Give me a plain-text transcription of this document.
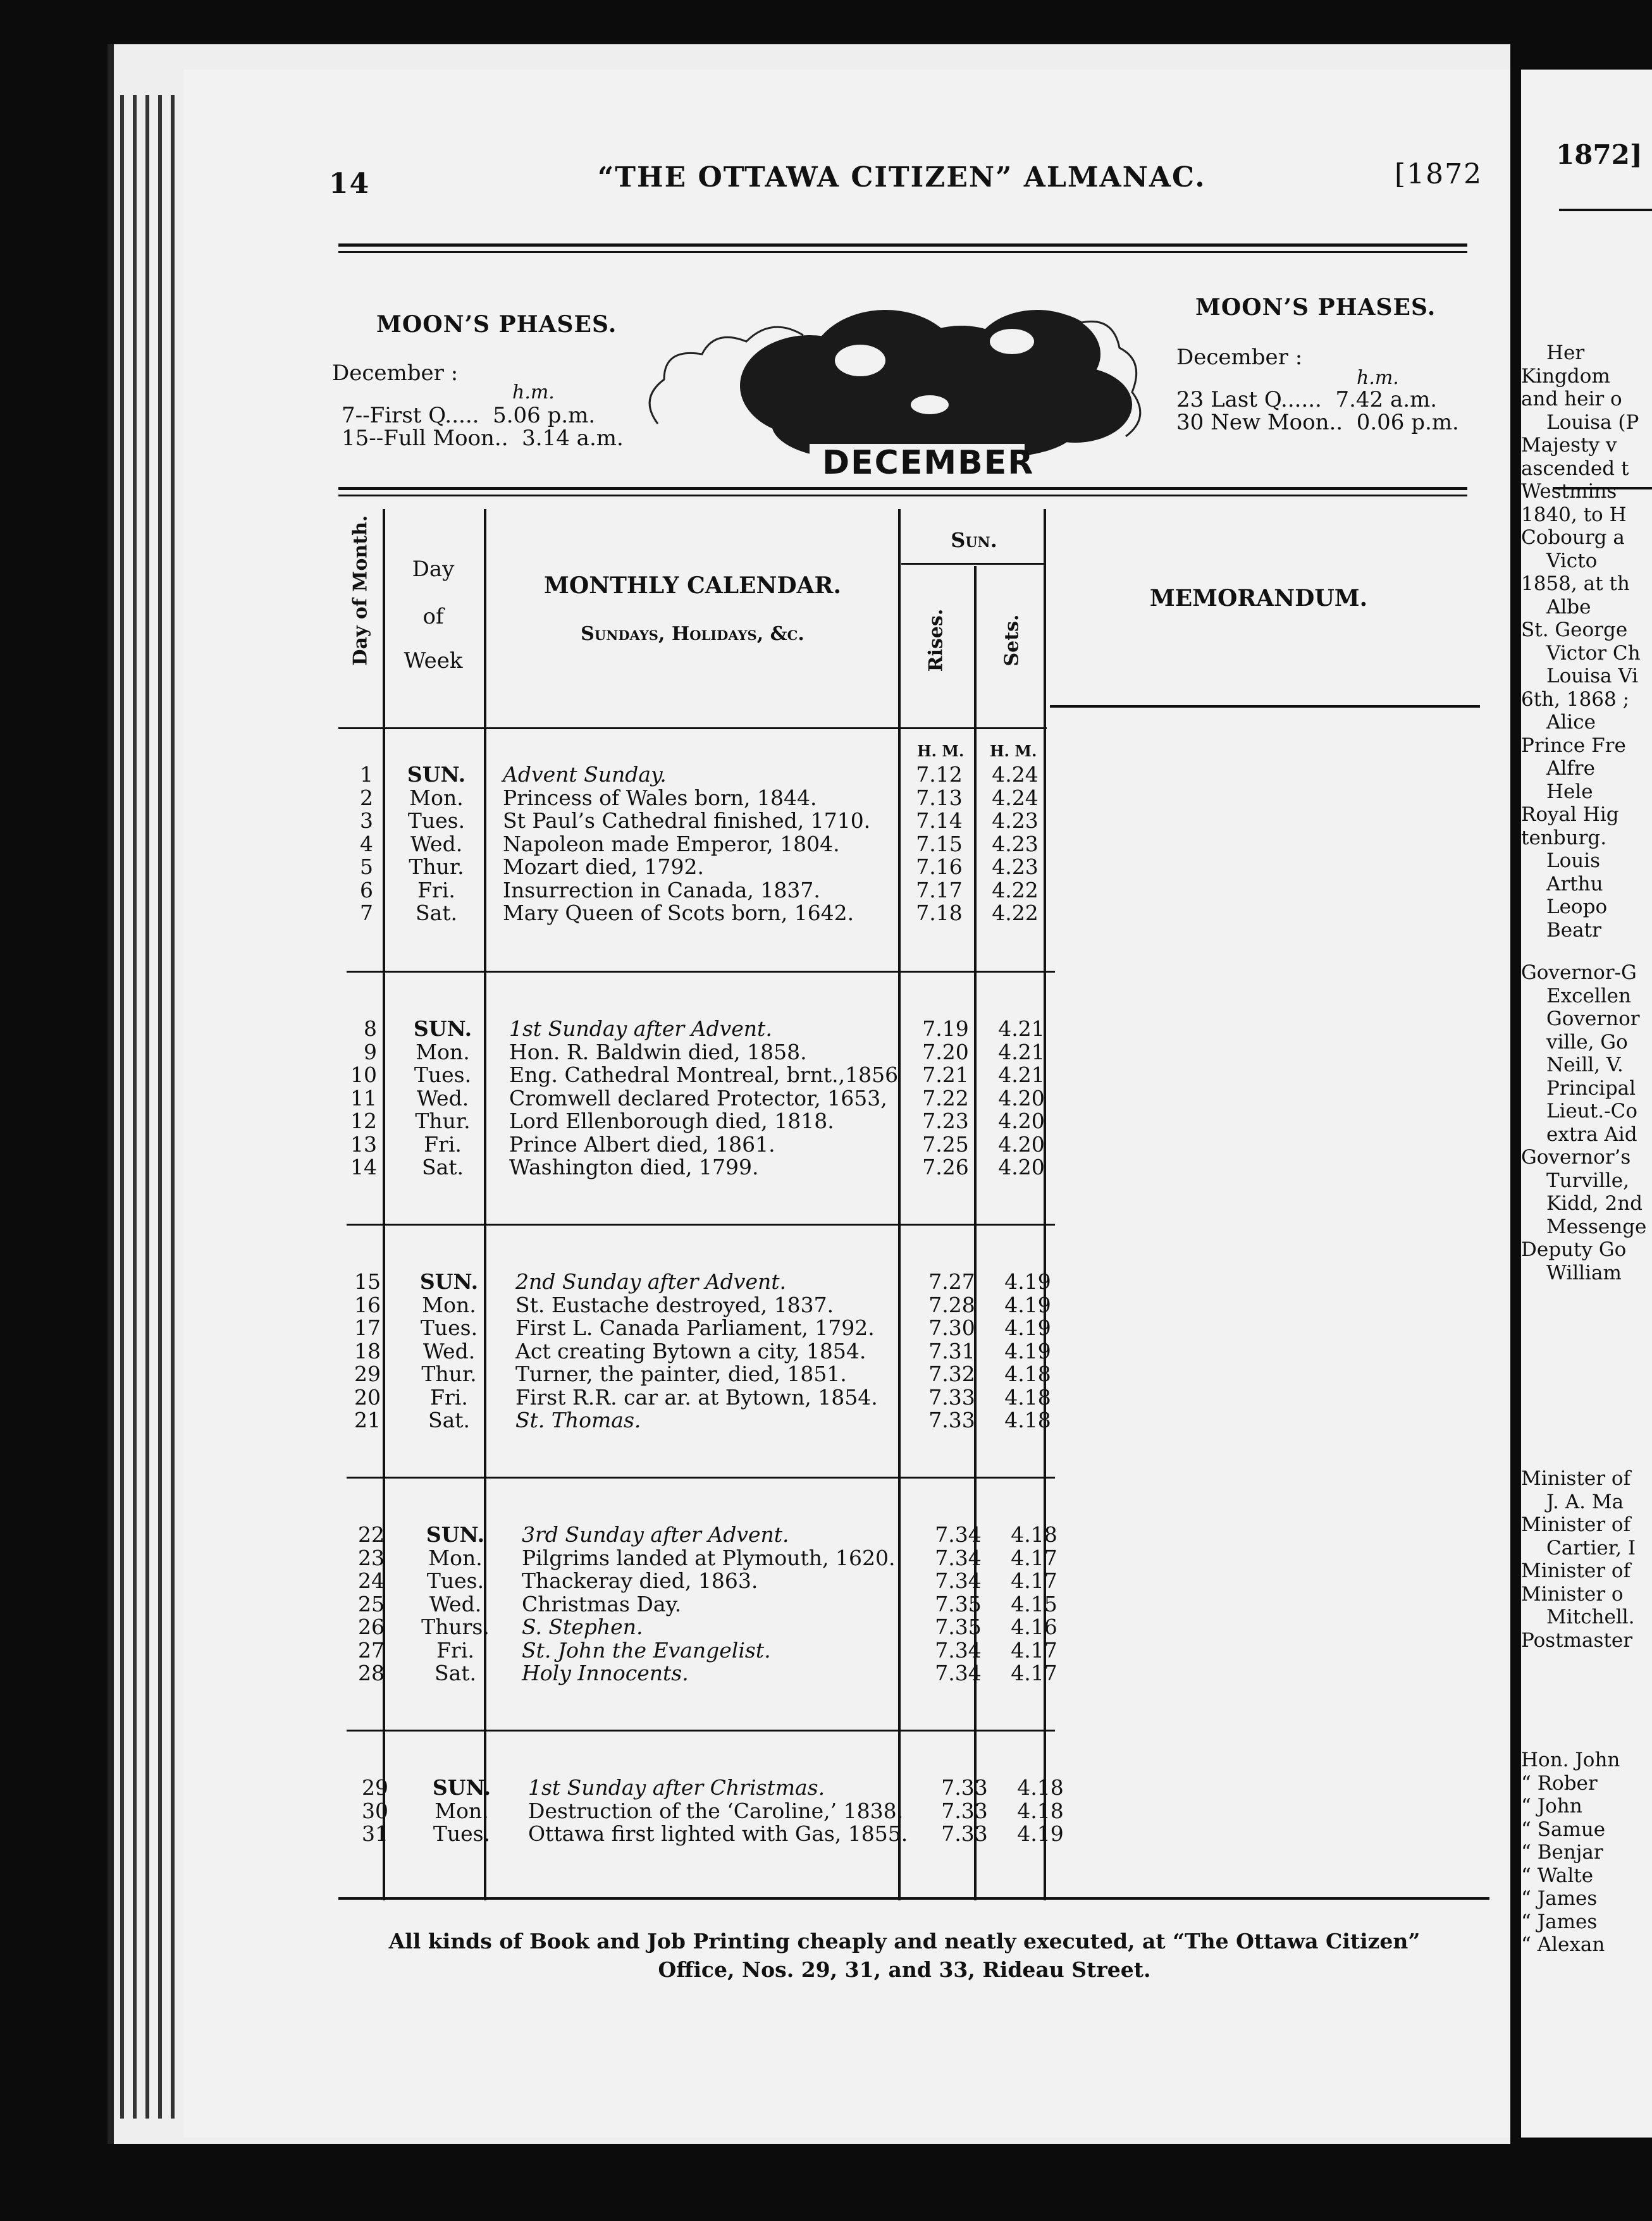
14	“THE OTTAWA CITIZEN” ALMANAC.	[1872
MOON’S PHASES.
December :
h.m.
7--First Q.....  5.06 p.m.
15--Full Moon..  3.14 a.m.
DECEMBER
MOON’S PHASES.
December :
h.m.
23 Last Q......  7.42 a.m.
30 New Moon..  0.06 p.m.
Day of Month.	Day
of
Week
MONTHLY CALENDAR.
Sundays, Holidays, &c.
Sun.
Rises.	Sets.
MEMORANDUM.
1	SUN.	Advent Sunday.	7.12 4.24
2	Mon.	Princess of Wales born, 1844.	7.13 4.24
3	Tues.	St Paul’s Cathedral finished, 1710. 7.14 4.23
4	Wed.	Napoleon made Emperor, 1804.	7.15 4.23
5	Thur.	Mozart died, 1792.	7.16 4.23
6	Fri.	Insurrection in Canada, 1837.	7.17 4.22
7	Sat.	Mary Queen of Scots born, 1642.	7.18 4.22
8	SUN.	1st Sunday after Advent.	7.19 4.21
9	Mon.	Hon. R. Baldwin died, 1858.	7.20 4.21
10	Tues.	Eng. Cathedral Montreal, brnt.,1856 7.21 4.21
11	Wed.	Cromwell declared Protector, 1653, 7.22 4.20
12	Thur.	Lord Ellenborough died, 1818.	7.23 4.20
13	Fri.	Prince Albert died, 1861.	7.25 4.20
14	Sat.	Washington died, 1799.	7.26 4.20
15	SUN.	2nd Sunday after Advent.	7.27 4.19
16	Mon.	St. Eustache destroyed, 1837.	7.28 4.19
17	Tues.	First L. Canada Parliament, 1792.	7.30 4.19
18	Wed.	Act creating Bytown a city, 1854.	7.31 4.19
29	Thur.	Turner, the painter, died, 1851.	7.32 4.18
20	Fri.	First R.R. car ar. at Bytown, 1854. 7.33 4.18
21	Sat.	St. Thomas.	7.33 4.18
22	SUN.	3rd Sunday after Advent.	7.34 4.18
23	Mon.	Pilgrims landed at Plymouth, 1620. 7.34 4.17
24	Tues.	Thackeray died, 1863.	7.34 4.17
25	Wed.	Christmas Day.	7.35 4.15
26	Thurs.	S. Stephen.	7.35 4.16
27	Fri.	St. John the Evangelist.	7.34 4.17
28	Sat.	Holy Innocents.	7.34 4.17
29	SUN.	1st Sunday after Christmas.	7.33 4.18
30	Mon.	Destruction of the ‘Caroline,’ 1838. 7.33 4.18
31	Tues.	Ottawa first lighted with Gas, 1855. 7.33 4.19
H. M. H. M.
All kinds of Book and Job Printing cheaply and neatly executed, at “The Ottawa Citizen”
Office, Nos. 29, 31, and 33, Rideau Street.
1872]
Her
Kingdom
and heir o
Louisa (P
Majesty v
ascended t
Westmins
1840, to H
Cobourg a
Victo
1858, at th
Albe
St. George
Victor Ch
Louisa Vi
6th, 1868 ;
Alice
Prince Fre
Alfre
Hele
Royal Hig
tenburg.
Louis
Arthu
Leopo
Beatr
Governor-G
Excellen
Governor
ville, Go
Neill, V.
Principal
Lieut.-Co
extra Aid
Governor’s
Turville,
Kidd, 2nd
Messenge
Deputy Go
William
Minister of
J. A. Ma
Minister of
Cartier, I
Minister of
Minister o
Mitchell.
Postmaster
Hon. John
“ Rober
“ John
“ Samue
“ Benjar
“ Walte
“ James
“ James
“ Alexan
